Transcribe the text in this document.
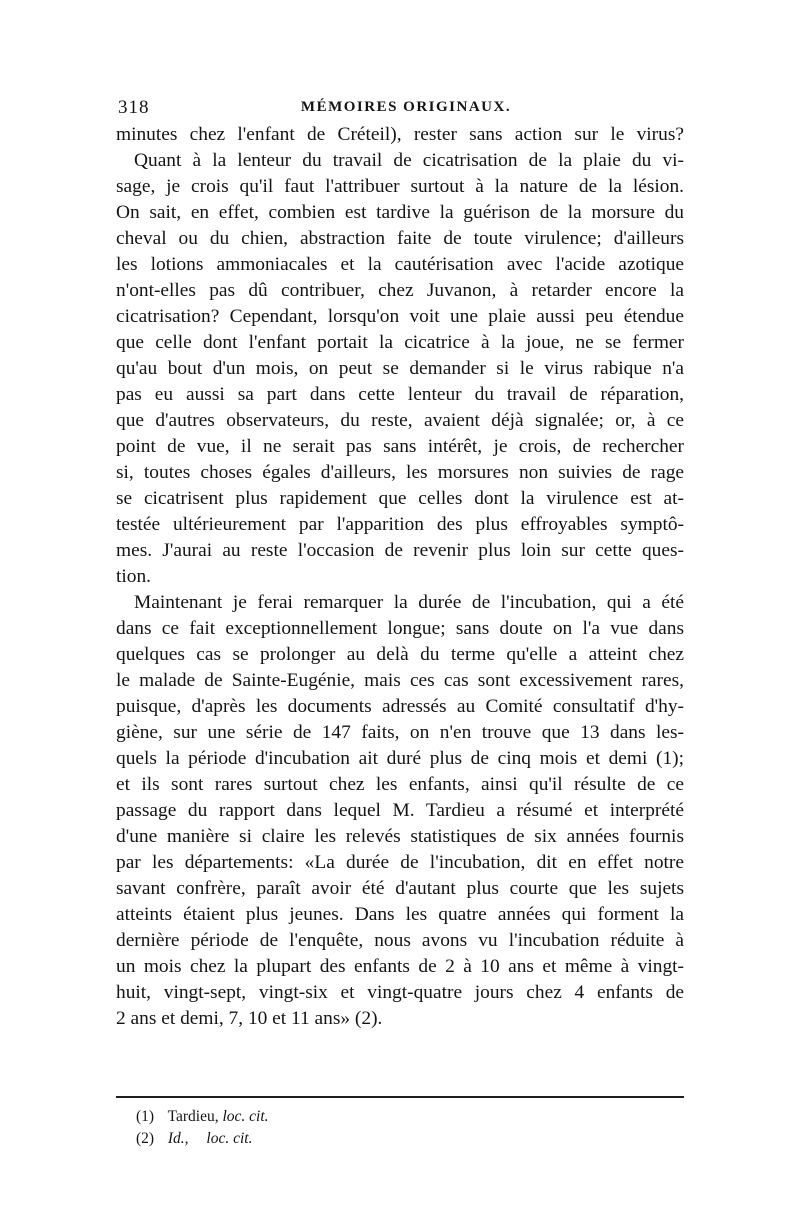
318	MÉMOIRES ORIGINAUX.
minutes chez l'enfant de Créteil), rester sans action sur le virus?
Quant à la lenteur du travail de cicatrisation de la plaie du vi-
sage, je crois qu'il faut l'attribuer surtout à la nature de la lésion.
On sait, en effet, combien est tardive la guérison de la morsure du
cheval ou du chien, abstraction faite de toute virulence; d'ailleurs
les lotions ammoniacales et la cautérisation avec l'acide azotique
n'ont-elles pas dû contribuer, chez Juvanon, à retarder encore la
cicatrisation? Cependant, lorsqu'on voit une plaie aussi peu étendue
que celle dont l'enfant portait la cicatrice à la joue, ne se fermer
qu'au bout d'un mois, on peut se demander si le virus rabique n'a
pas eu aussi sa part dans cette lenteur du travail de réparation,
que d'autres observateurs, du reste, avaient déjà signalée; or, à ce
point de vue, il ne serait pas sans intérêt, je crois, de rechercher
si, toutes choses égales d'ailleurs, les morsures non suivies de rage
se cicatrisent plus rapidement que celles dont la virulence est at-
testée ultérieurement par l'apparition des plus effroyables symptô-
mes. J'aurai au reste l'occasion de revenir plus loin sur cette ques-
tion.
Maintenant je ferai remarquer la durée de l'incubation, qui a été
dans ce fait exceptionnellement longue; sans doute on l'a vue dans
quelques cas se prolonger au delà du terme qu'elle a atteint chez
le malade de Sainte-Eugénie, mais ces cas sont excessivement rares,
puisque, d'après les documents adressés au Comité consultatif d'hy-
giène, sur une série de 147 faits, on n'en trouve que 13 dans les-
quels la période d'incubation ait duré plus de cinq mois et demi (1);
et ils sont rares surtout chez les enfants, ainsi qu'il résulte de ce
passage du rapport dans lequel M. Tardieu a résumé et interprété
d'une manière si claire les relevés statistiques de six années fournis
par les départements: «La durée de l'incubation, dit en effet notre
savant confrère, paraît avoir été d'autant plus courte que les sujets
atteints étaient plus jeunes. Dans les quatre années qui forment la
dernière période de l'enquête, nous avons vu l'incubation réduite à
un mois chez la plupart des enfants de 2 à 10 ans et même à vingt-
huit, vingt-sept, vingt-six et vingt-quatre jours chez 4 enfants de
2 ans et demi, 7, 10 et 11 ans» (2).
(1) Tardieu, loc. cit.
(2) Id., loc. cit.
